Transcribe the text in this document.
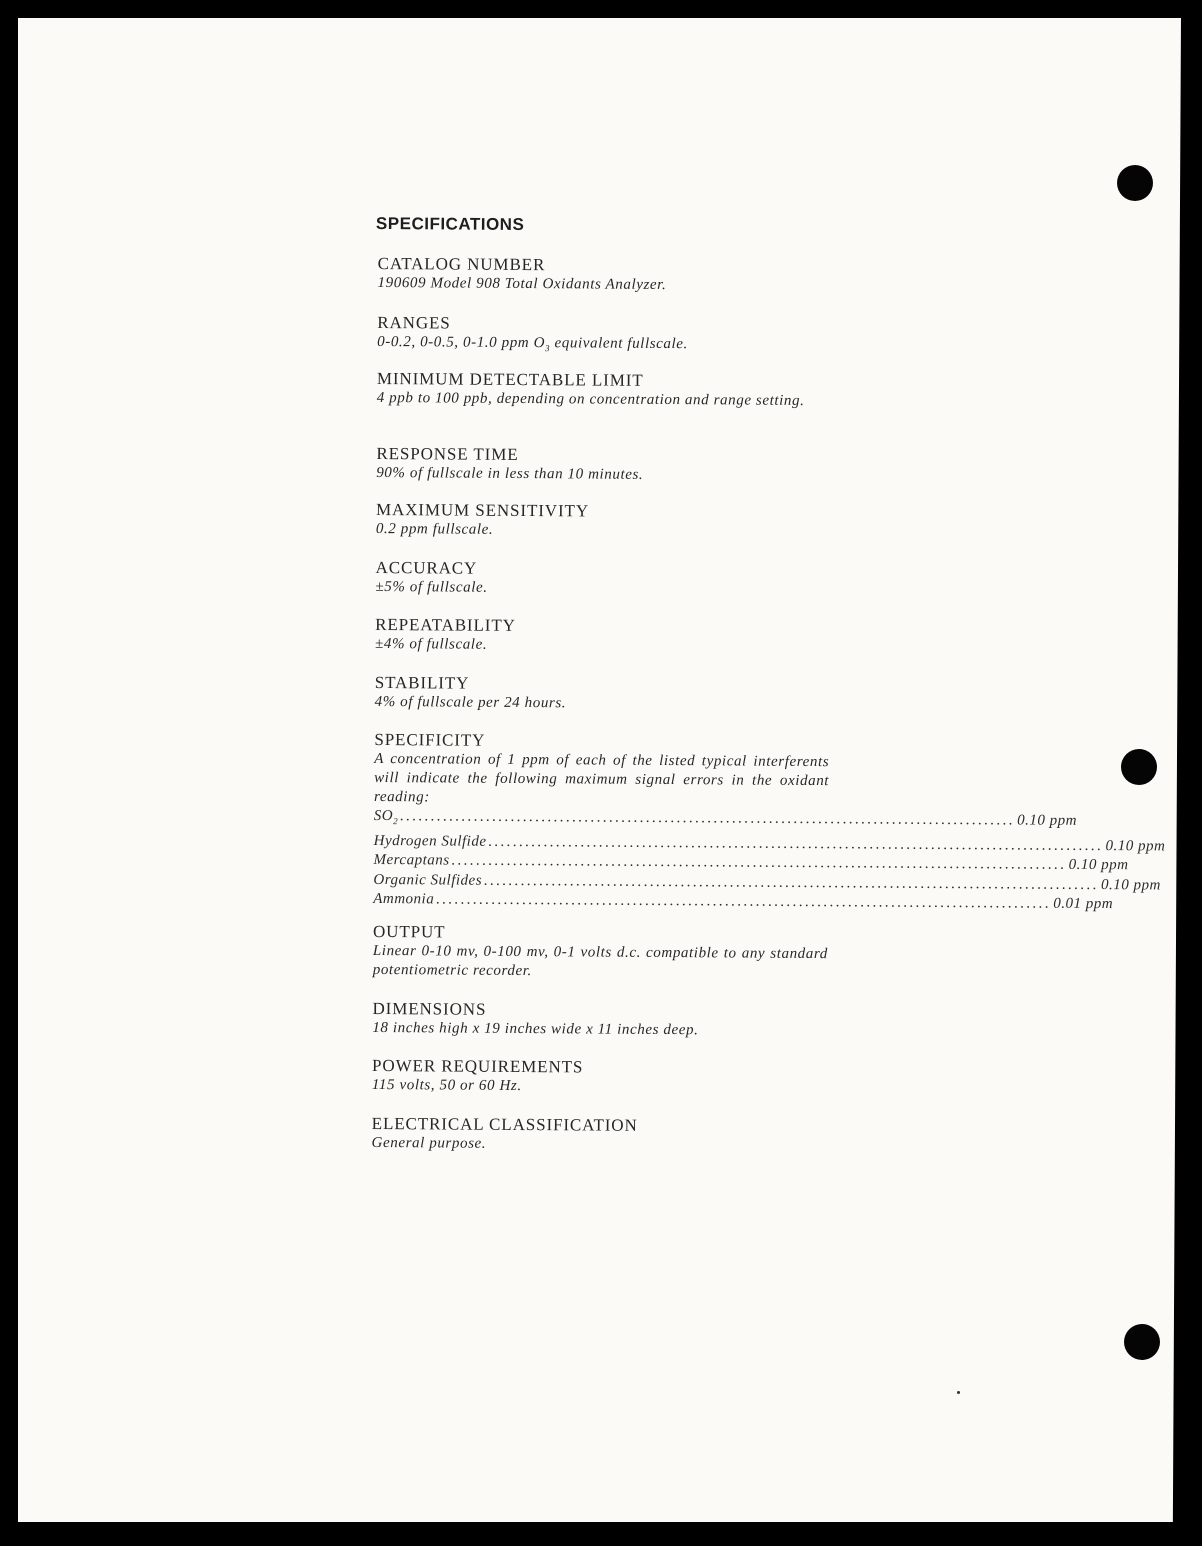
SPECIFICATIONS
CATALOG NUMBER
190609 Model 908 Total Oxidants Analyzer.
RANGES
0-0.2, 0-0.5, 0-1.0 ppm $O_3$ equivalent fullscale.
MINIMUM DETECTABLE LIMIT
4 ppb to 100 ppb, depending on concentration and range setting.
RESPONSE TIME
90% of fullscale in less than 10 minutes.
MAXIMUM SENSITIVITY
0.2 ppm fullscale.
ACCURACY
±5% of fullscale.
REPEATABILITY
±4% of fullscale.
STABILITY
4% of fullscale per 24 hours.
SPECIFICITY
A concentration of 1 ppm of each of the listed typical interferents will indicate the following maximum signal errors in the oxidant reading:
$SO_2$ .................................................................................................... 0.10 ppm
Hydrogen Sulfide .................................................................................................... 0.10 ppm
Mercaptans .................................................................................................... 0.10 ppm
Organic Sulfides .................................................................................................... 0.10 ppm
Ammonia .................................................................................................... 0.01 ppm
OUTPUT
Linear 0-10 mv, 0-100 mv, 0-1 volts d.c. compatible to any standard potentiometric recorder.
DIMENSIONS
18 inches high x 19 inches wide x 11 inches deep.
POWER REQUIREMENTS
115 volts, 50 or 60 Hz.
ELECTRICAL CLASSIFICATION
General purpose.
